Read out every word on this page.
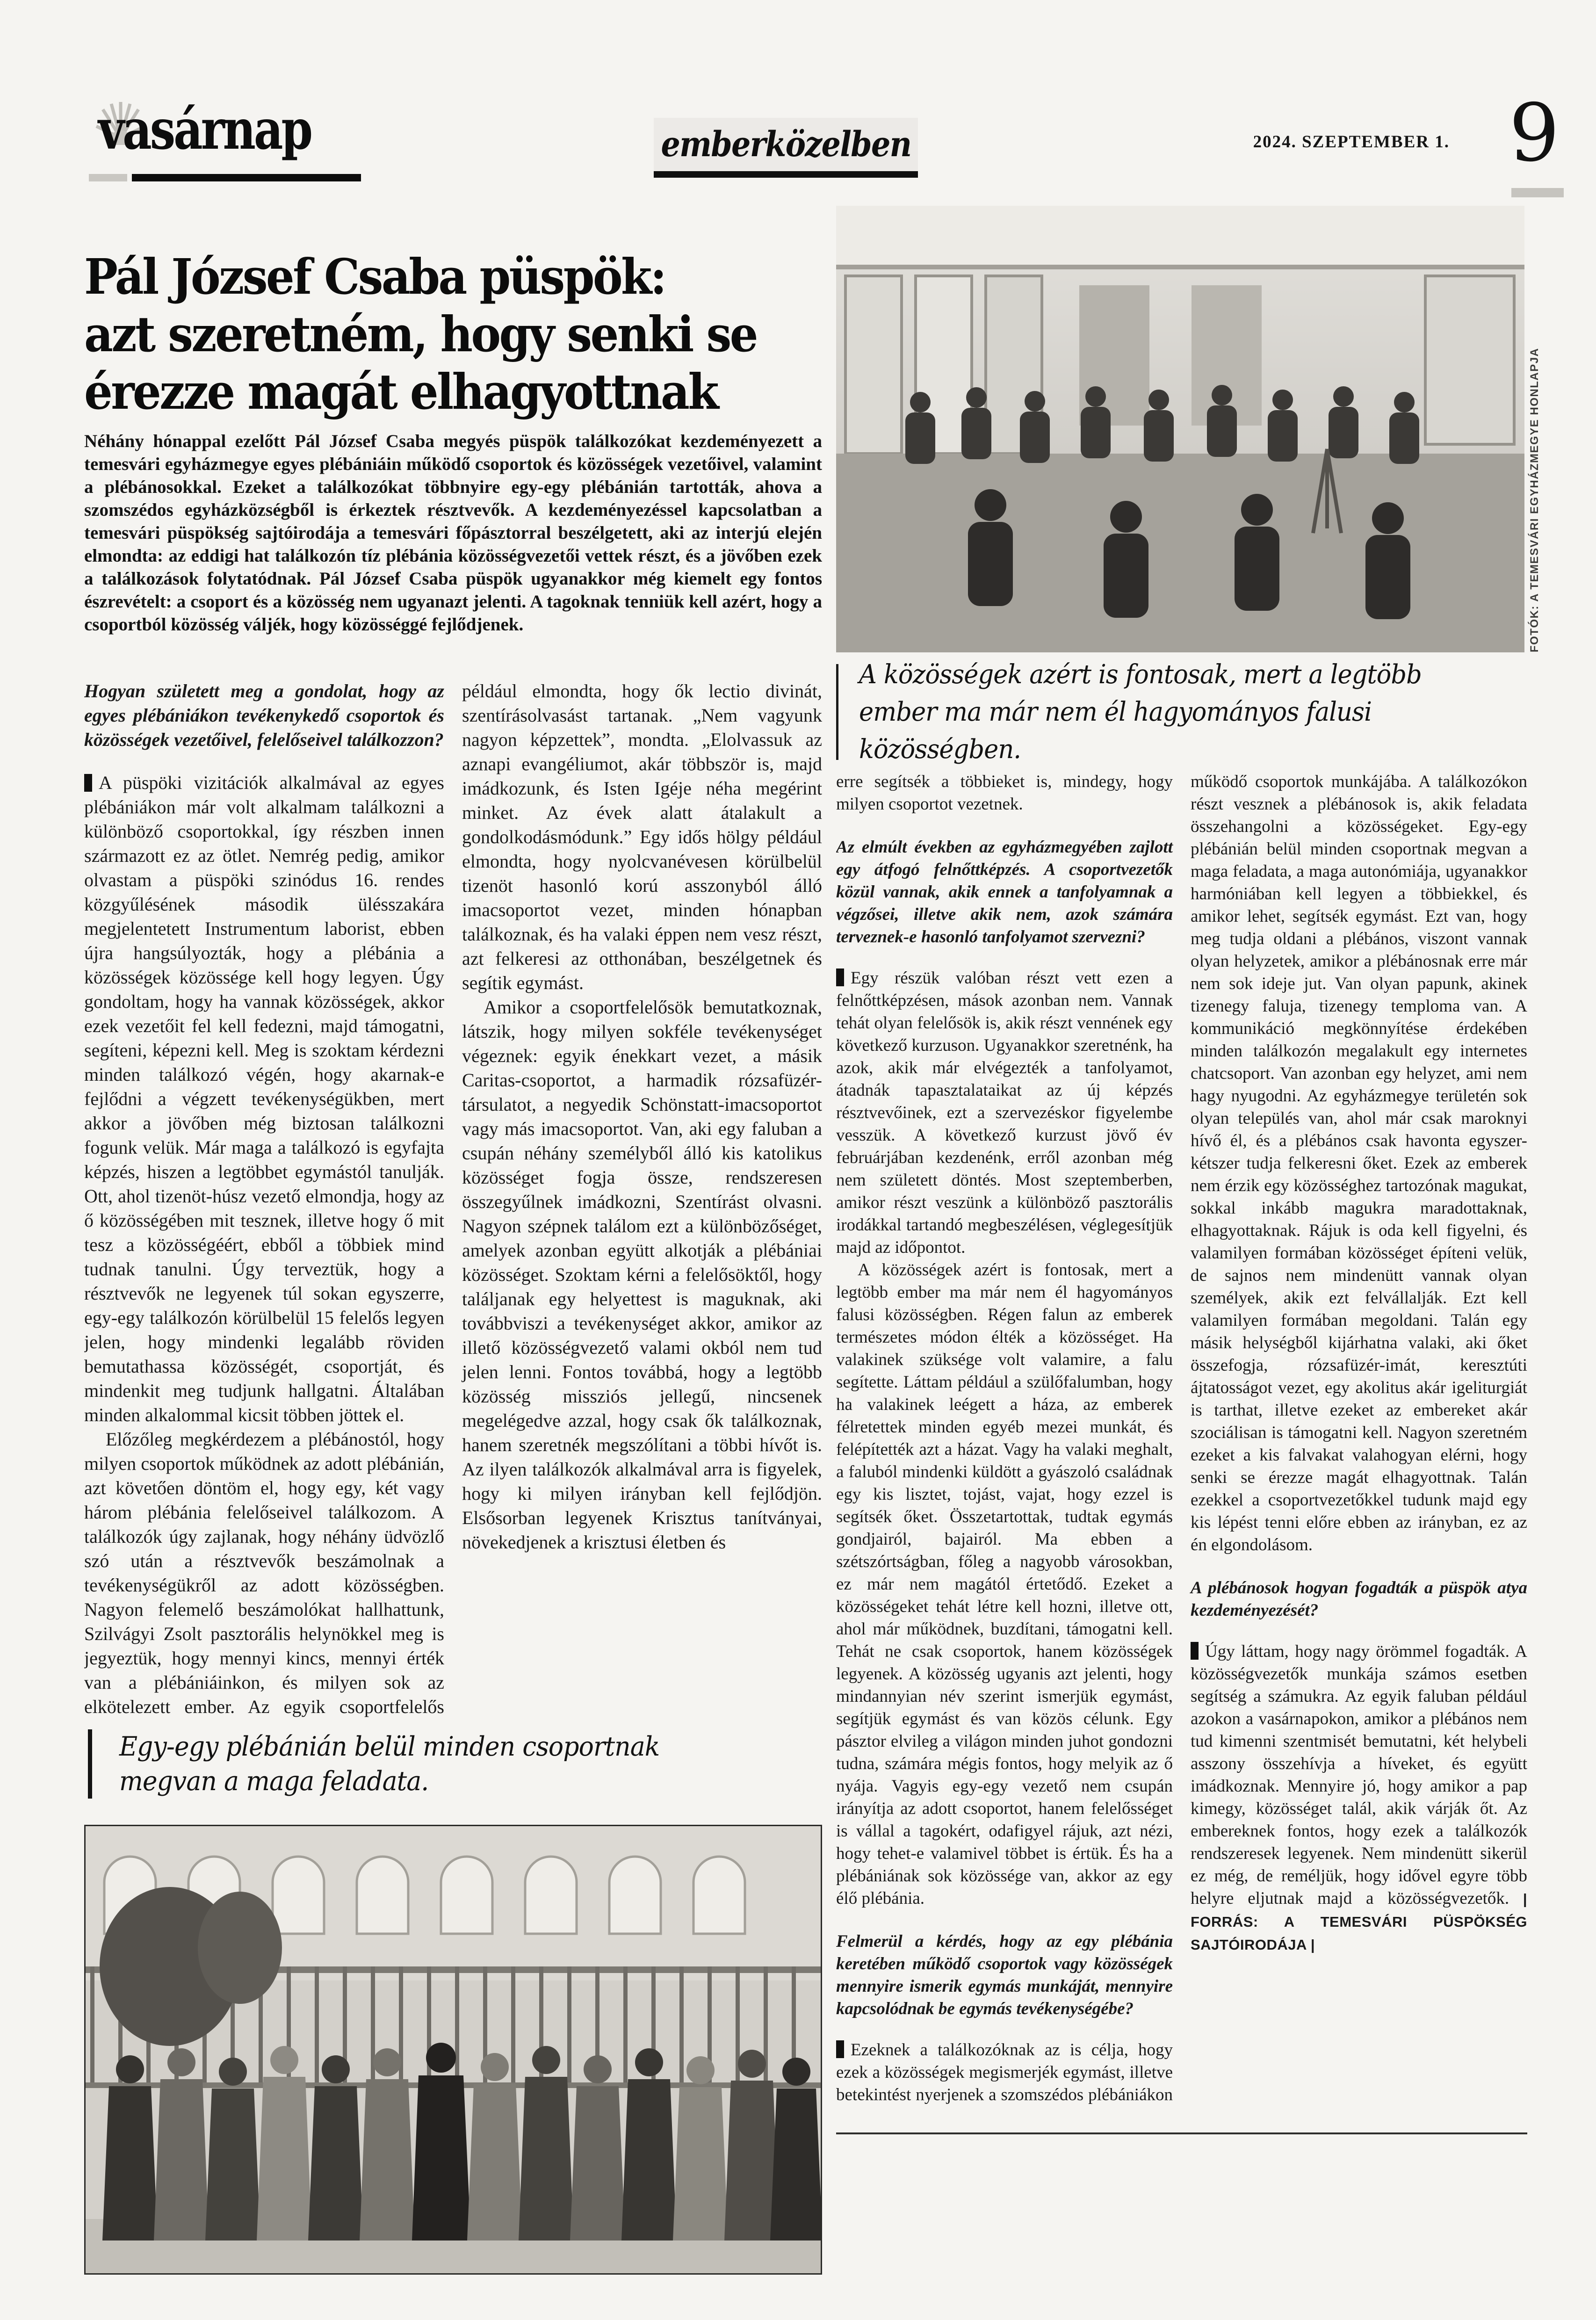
vasárnap	emberközelben	2024. SZEPTEMBER 1. 9
FOTÓK: A TEMESVÁRI EGYHÁZMEGYE HONLAPJA
Pál József Csaba püspök:
azt szeretném, hogy senki se
érezze magát elhagyottnak

Néhány hónappal ezelőtt Pál József Csaba megyés püspök találkozókat kezdeményezett a temesvári egyházmegye egyes plébániáin működő csoportok és közösségek vezetőivel, valamint a plébánosokkal. Ezeket a találkozókat többnyire egy-egy plébánián tartották, ahova a szomszédos egyházközségből is érkeztek résztvevők. A kezdeményezéssel kapcsolatban a temesvári püspökség sajtóirodája a temesvári főpásztorral beszélgetett, aki az interjú elején elmondta: az eddigi hat találkozón tíz plébánia közösségvezetői vettek részt, és a jövőben ezek a találkozások folytatódnak. Pál József Csaba püspök ugyanakkor még kiemelt egy fontos észrevételt: a csoport és a közösség nem ugyanazt jelenti. A tagoknak tenniük kell azért, hogy a csoportból közösség váljék, hogy közösséggé fejlődjenek.

A közösségek azért is fontosak, mert a legtöbb ember ma már nem él hagyományos falusi közösségben.

Hogyan született meg a gondolat, hogy az egyes plébániákon tevékenykedő csoportok és közösségek vezetőivel, felelőseivel találkozzon?

A püspöki vizitációk alkalmával az egyes plébániákon már volt alkalmam találkozni a különböző csoportokkal, így részben innen származott ez az ötlet. Nemrég pedig, amikor olvastam a püspöki szinódus 16. rendes közgyűlésének második ülésszakára megjelentetett Instrumentum laborist, ebben újra hangsúlyozták, hogy a plébánia a közösségek közössége kell hogy legyen. Úgy gondoltam, hogy ha vannak közösségek, akkor ezek vezetőit fel kell fedezni, majd támogatni, segíteni, képezni kell. Meg is szoktam kérdezni minden találkozó végén, hogy akarnak-e fejlődni a végzett tevékenységükben, mert akkor a jövőben még biztosan találkozni fogunk velük. Már maga a találkozó is egyfajta képzés, hiszen a legtöbbet egymástól tanulják. Ott, ahol tizenöt-húsz vezető elmondja, hogy az ő közösségében mit tesznek, illetve hogy ő mit tesz a közösségéért, ebből a többiek mind tudnak tanulni. Úgy terveztük, hogy a résztvevők ne legyenek túl sokan egyszerre, egy-egy találkozón körülbelül 15 felelős legyen jelen, hogy mindenki legalább röviden bemutathassa közösségét, csoportját, és mindenkit meg tudjunk hallgatni. Általában minden alkalommal kicsit többen jöttek el.

Előzőleg megkérdezem a plébánostól, hogy milyen csoportok működnek az adott plébánián, azt követően döntöm el, hogy egy, két vagy három plébánia felelőseivel találkozom. A találkozók úgy zajlanak, hogy néhány üdvözlő szó után a résztvevők beszámolnak a tevékenységükről az adott közösségben. Nagyon felemelő beszámolókat hallhattunk, Szilvágyi Zsolt pasztorális helynökkel meg is jegyeztük, hogy mennyi kincs, mennyi érték van a plébániáinkon, és milyen sok az elkötelezett ember. Az egyik csoportfelelős például elmondta, hogy ők lectio divinát, szentírásolvasást tartanak. „Nem vagyunk nagyon képzettek”, mondta. „Elolvassuk az aznapi evangéliumot, akár többször is, majd imádkozunk, és Isten Igéje néha megérint minket. Az évek alatt átalakult a gondolkodásmódunk.” Egy idős hölgy például elmondta, hogy nyolcvanévesen körülbelül tizenöt hasonló korú asszonyból álló imacsoportot vezet, minden hónapban találkoznak, és ha valaki éppen nem vesz részt, azt felkeresi az otthonában, beszélgetnek és segítik egymást.

Amikor a csoportfelelősök bemutatkoznak, látszik, hogy milyen sokféle tevékenységet végeznek: egyik énekkart vezet, a másik Caritas-csoportot, a harmadik rózsafüzér-társulatot, a negyedik Schönstatt-imacsoportot vagy más imacsoportot. Van, aki egy faluban a csupán néhány személyből álló kis katolikus közösséget fogja össze, rendszeresen összegyűlnek imádkozni, Szentírást olvasni. Nagyon szépnek találom ezt a különbözőséget, amelyek azonban együtt alkotják a plébániai közösséget. Szoktam kérni a felelősöktől, hogy találjanak egy helyettest is maguknak, aki továbbviszi a tevékenységet akkor, amikor az illető közösségvezető valami okból nem tud jelen lenni. Fontos továbbá, hogy a legtöbb közösség missziós jellegű, nincsenek megelégedve azzal, hogy csak ők találkoznak, hanem szeretnék megszólítani a többi hívőt is. Az ilyen találkozók alkalmával arra is figyelek, hogy ki milyen irányban kell fejlődjön. Elsősorban legyenek Krisztus tanítványai, növekedjenek a krisztusi életben és

erre segítsék a többieket is, mindegy, hogy milyen csoportot vezetnek.

Az elmúlt években az egyházmegyében zajlott egy átfogó felnőttképzés. A csoportvezetők közül vannak, akik ennek a tanfolyamnak a végzősei, illetve akik nem, azok számára terveznek-e hasonló tanfolyamot szervezni?

Egy részük valóban részt vett ezen a felnőttképzésen, mások azonban nem. Vannak tehát olyan felelősök is, akik részt vennének egy következő kurzuson. Ugyanakkor szeretnénk, ha azok, akik már elvégezték a tanfolyamot, átadnák tapasztalataikat az új képzés résztvevőinek, ezt a szervezéskor figyelembe vesszük. A következő kurzust jövő év februárjában kezdenénk, erről azonban még nem született döntés. Most szeptemberben, amikor részt veszünk a különböző pasztorális irodákkal tartandó megbeszélésen, véglegesítjük majd az időpontot.

A közösségek azért is fontosak, mert a legtöbb ember ma már nem él hagyományos falusi közösségben. Régen falun az emberek természetes módon élték a közösséget. Ha valakinek szüksége volt valamire, a falu segítette. Láttam például a szülőfalumban, hogy ha valakinek leégett a háza, az emberek félretettek minden egyéb mezei munkát, és felépítették azt a házat. Vagy ha valaki meghalt, a faluból mindenki küldött a gyászoló családnak egy kis lisztet, tojást, vajat, hogy ezzel is segítsék őket. Összetartottak, tudtak egymás gondjairól, bajairól. Ma ebben a szétszórtságban, főleg a nagyobb városokban, ez már nem magától értetődő. Ezeket a közösségeket tehát létre kell hozni, illetve ott, ahol már működnek, buzdítani, támogatni kell. Tehát ne csak csoportok, hanem közösségek legyenek. A közösség ugyanis azt jelenti, hogy mindannyian név szerint ismerjük egymást, segítjük egymást és van közös célunk. Egy pásztor elvileg a világon minden juhot gondozni tudna, számára mégis fontos, hogy melyik az ő nyája. Vagyis egy-egy vezető nem csupán irányítja az adott csoportot, hanem felelősséget is vállal a tagokért, odafigyel rájuk, azt nézi, hogy tehet-e valamivel többet is értük. És ha a plébániának sok közössége van, akkor az egy élő plébánia.

Felmerül a kérdés, hogy az egy plébánia keretében működő csoportok vagy közösségek mennyire ismerik egymás munkáját, mennyire kapcsolódnak be egymás tevékenységébe?

Ezeknek a találkozóknak az is célja, hogy ezek a közösségek megismerjék egymást, illetve betekintést nyerjenek a szomszédos plébániákon működő csoportok munkájába. A találkozókon részt vesznek a plébánosok is, akik feladata összehangolni a közösségeket. Egy-egy plébánián belül minden csoportnak megvan a maga feladata, a maga autonómiája, ugyanakkor harmóniában kell legyen a többiekkel, és amikor lehet, segítsék egymást. Ezt van, hogy meg tudja oldani a plébános, viszont vannak olyan helyzetek, amikor a plébánosnak erre már nem sok ideje jut. Van olyan papunk, akinek tizenegy faluja, tizenegy temploma van. A kommunikáció megkönnyítése érdekében minden találkozón megalakult egy internetes chatcsoport. Van azonban egy helyzet, ami nem hagy nyugodni. Az egyházmegye területén sok olyan település van, ahol már csak maroknyi hívő él, és a plébános csak havonta egyszer-kétszer tudja felkeresni őket. Ezek az emberek nem érzik egy közösséghez tartozónak magukat, sokkal inkább magukra maradottaknak, elhagyottaknak. Rájuk is oda kell figyelni, és valamilyen formában közösséget építeni velük, de sajnos nem mindenütt vannak olyan személyek, akik ezt felvállalják. Ezt kell valamilyen formában megoldani. Talán egy másik helységből kijárhatna valaki, aki őket összefogja, rózsafüzér-imát, keresztúti ájtatosságot vezet, egy akolitus akár igeliturgiát is tarthat, illetve ezeket az embereket akár szociálisan is támogatni kell. Nagyon szeretném ezeket a kis falvakat valahogyan elérni, hogy senki se érezze magát elhagyottnak. Talán ezekkel a csoportvezetőkkel tudunk majd egy kis lépést tenni előre ebben az irányban, ez az én elgondolásom.

A plébánosok hogyan fogadták a püspök atya kezdeményezését?

Úgy láttam, hogy nagy örömmel fogadták. A közösségvezetők munkája számos esetben segítség a számukra. Az egyik faluban például azokon a vasárnapokon, amikor a plébános nem tud kimenni szentmisét bemutatni, két helybeli asszony összehívja a híveket, és együtt imádkoznak. Mennyire jó, hogy amikor a pap kimegy, közösséget talál, akik várják őt. Az embereknek fontos, hogy ezek a találkozók rendszeresek legyenek. Nem mindenütt sikerül ez még, de reméljük, hogy idővel egyre több helyre eljutnak majd a közösségvezetők. | FORRÁS: A TEMESVÁRI PÜSPÖKSÉG SAJTÓIRODÁJA |

Egy-egy plébánián belül minden csoportnak megvan a maga feladata.
